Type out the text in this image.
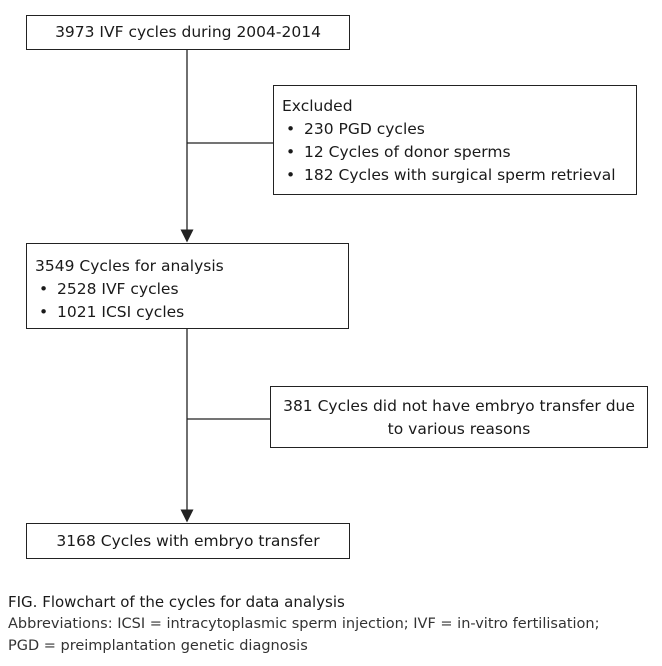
3973 IVF cycles during 2004-2014
Excluded
• 230 PGD cycles
• 12 Cycles of donor sperms
• 182 Cycles with surgical sperm retrieval
3549 Cycles for analysis
• 2528 IVF cycles
• 1021 ICSI cycles
381 Cycles did not have embryo transfer due
to various reasons
3168 Cycles with embryo transfer
FIG. Flowchart of the cycles for data analysis
Abbreviations: ICSI = intracytoplasmic sperm injection; IVF = in-vitro fertilisation;
PGD = preimplantation genetic diagnosis
